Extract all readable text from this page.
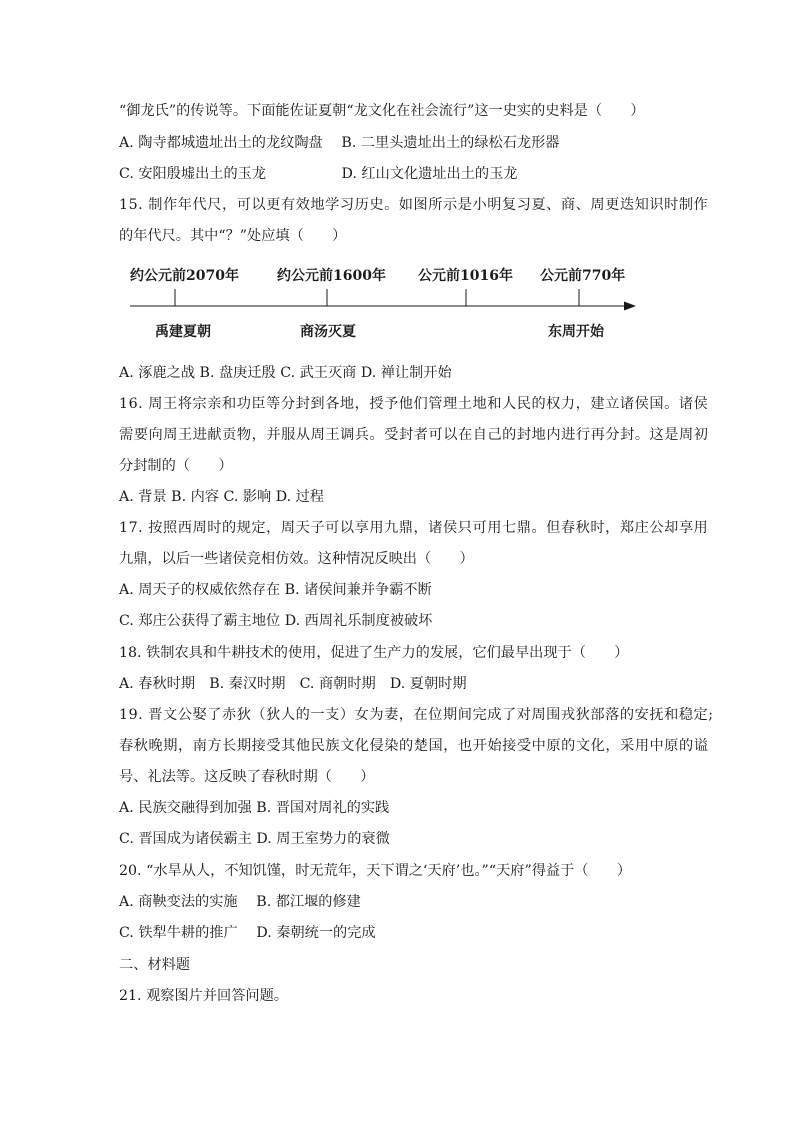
“御龙氏”的传说等。下面能佐证夏朝“龙文化在社会流行”这一史实的史料是（　　）
A. 陶寺都城遗址出土的龙纹陶盘　 B. 二里头遗址出土的绿松石龙形器
C. 安阳殷墟出土的玉龙　　　　　 D. 红山文化遗址出土的玉龙
15. 制作年代尺，可以更有效地学习历史。如图所示是小明复习夏、商、周更迭知识时制作
的年代尺。其中“？”处应填（　　）
约公元前2070年	约公元前1600年 公元前1016年 公元前770年
禹建夏朝	商汤灭夏	东周开始
A. 涿鹿之战 B. 盘庚迁殷 C. 武王灭商 D. 禅让制开始
16. 周王将宗亲和功臣等分封到各地，授予他们管理土地和人民的权力，建立诸侯国。诸侯
需要向周王进献贡物，并服从周王调兵。受封者可以在自己的封地内进行再分封。这是周初
分封制的（　　）
A. 背景 B. 内容 C. 影响 D. 过程
17. 按照西周时的规定，周天子可以享用九鼎，诸侯只可用七鼎。但春秋时，郑庄公却享用
九鼎，以后一些诸侯竞相仿效。这种情况反映出（　　）
A. 周天子的权威依然存在 B. 诸侯间兼并争霸不断
C. 郑庄公获得了霸主地位 D. 西周礼乐制度被破坏
18. 铁制农具和牛耕技术的使用，促进了生产力的发展，它们最早出现于（　　）
A. 春秋时期　B. 秦汉时期　C. 商朝时期　D. 夏朝时期
19. 晋文公娶了赤狄（狄人的一支）女为妻，在位期间完成了对周围戎狄部落的安抚和稳定;
春秋晚期，南方长期接受其他民族文化侵染的楚国，也开始接受中原的文化，采用中原的谥
号、礼法等。这反映了春秋时期（　　）
A. 民族交融得到加强 B. 晋国对周礼的实践
C. 晋国成为诸侯霸主 D. 周王室势力的衰微
20. “水旱从人，不知饥馑，时无荒年，天下谓之‘天府’也。”“天府”得益于（　　）
A. 商鞅变法的实施　 B. 都江堰的修建
C. 铁犁牛耕的推广　 D. 秦朝统一的完成
二、材料题
21. 观察图片并回答问题。
